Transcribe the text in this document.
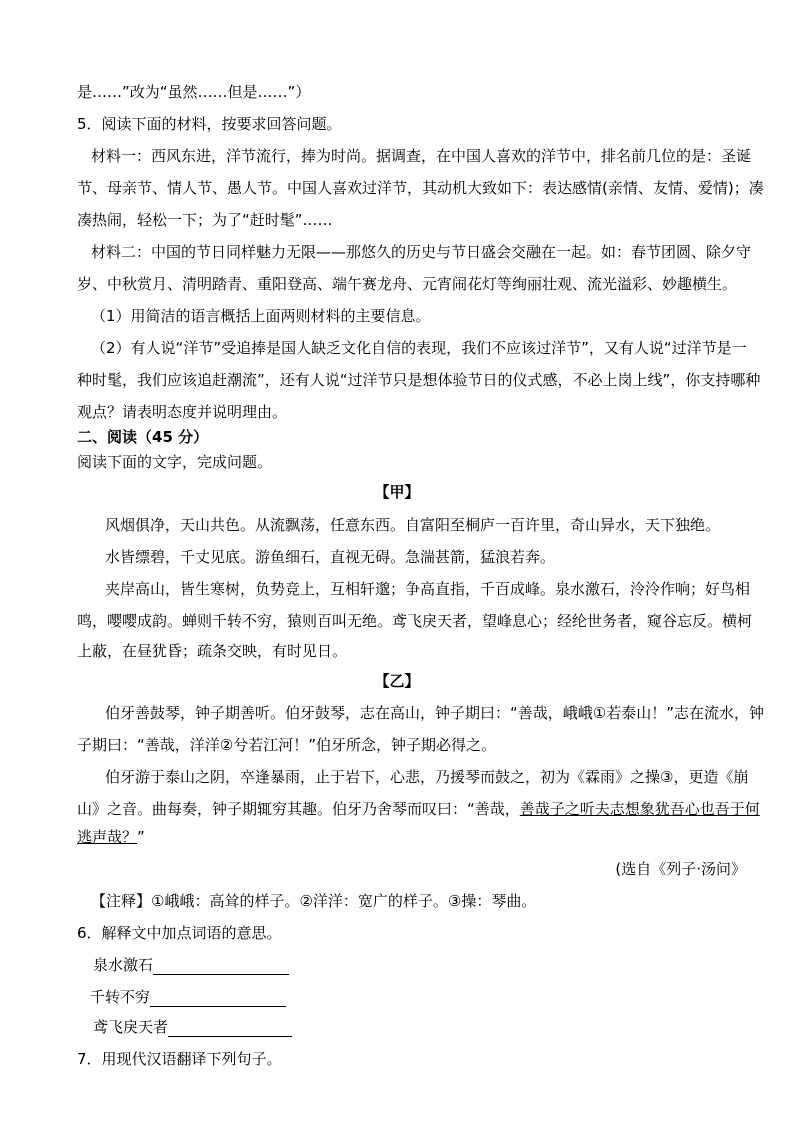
是……”改为“虽然……但是……”）
5．阅读下面的材料，按要求回答问题。
材料一：西风东进，洋节流行，捧为时尚。据调查，在中国人喜欢的洋节中，排名前几位的是：圣诞
节、母亲节、情人节、愚人节。中国人喜欢过洋节，其动机大致如下：表达感情(亲情、友情、爱情)；凑
凑热闹，轻松一下；为了“赶时髦”……
材料二：中国的节日同样魅力无限——那悠久的历史与节日盛会交融在一起。如：春节团圆、除夕守
岁、中秋赏月、清明踏青、重阳登高、端午赛龙舟、元宵闹花灯等绚丽壮观、流光溢彩、妙趣横生。
（1）用简洁的语言概括上面两则材料的主要信息。
（2）有人说“洋节”受追捧是国人缺乏文化自信的表现，我们不应该过洋节”，又有人说“过洋节是一
种时髦，我们应该追赶潮流”，还有人说“过洋节只是想体验节日的仪式感，不必上岗上线”，你支持哪种
观点？请表明态度并说明理由。
二、阅读（45 分）
阅读下面的文字，完成问题。
【甲】
风烟俱净，天山共色。从流飘荡，任意东西。自富阳至桐庐一百许里，奇山异水，天下独绝。
水皆缥碧，千丈见底。游鱼细石，直视无碍。急湍甚箭，猛浪若奔。
夹岸高山，皆生寒树，负势竞上，互相轩邈；争高直指，千百成峰。泉水激石，泠泠作响；好鸟相
鸣，嘤嘤成韵。蝉则千转不穷，猿则百叫无绝。鸢飞戾天者，望峰息心；经纶世务者，窥谷忘反。横柯
上蔽，在昼犹昏；疏条交映，有时见日。
【乙】
伯牙善鼓琴，钟子期善听。伯牙鼓琴，志在高山，钟子期曰：“善哉，峨峨①若泰山！”志在流水，钟
子期曰：“善哉，洋洋②兮若江河！”伯牙所念，钟子期必得之。
伯牙游于泰山之阴，卒逢暴雨，止于岩下，心悲，乃援琴而鼓之，初为《霖雨》之操③，更造《崩
山》之音。曲每奏，钟子期辄穷其趣。伯牙乃舍琴而叹曰：“善哉，善哉子之听夫志想象犹吾心也吾于何
逃声哉？”
(选自《列子·汤问》
【注释】①峨峨：高耸的样子。②洋洋：宽广的样子。③操：琴曲。
6．解释文中加点词语的意思。
泉水激石
千转不穷
鸢飞戾天者
7．用现代汉语翻译下列句子。
